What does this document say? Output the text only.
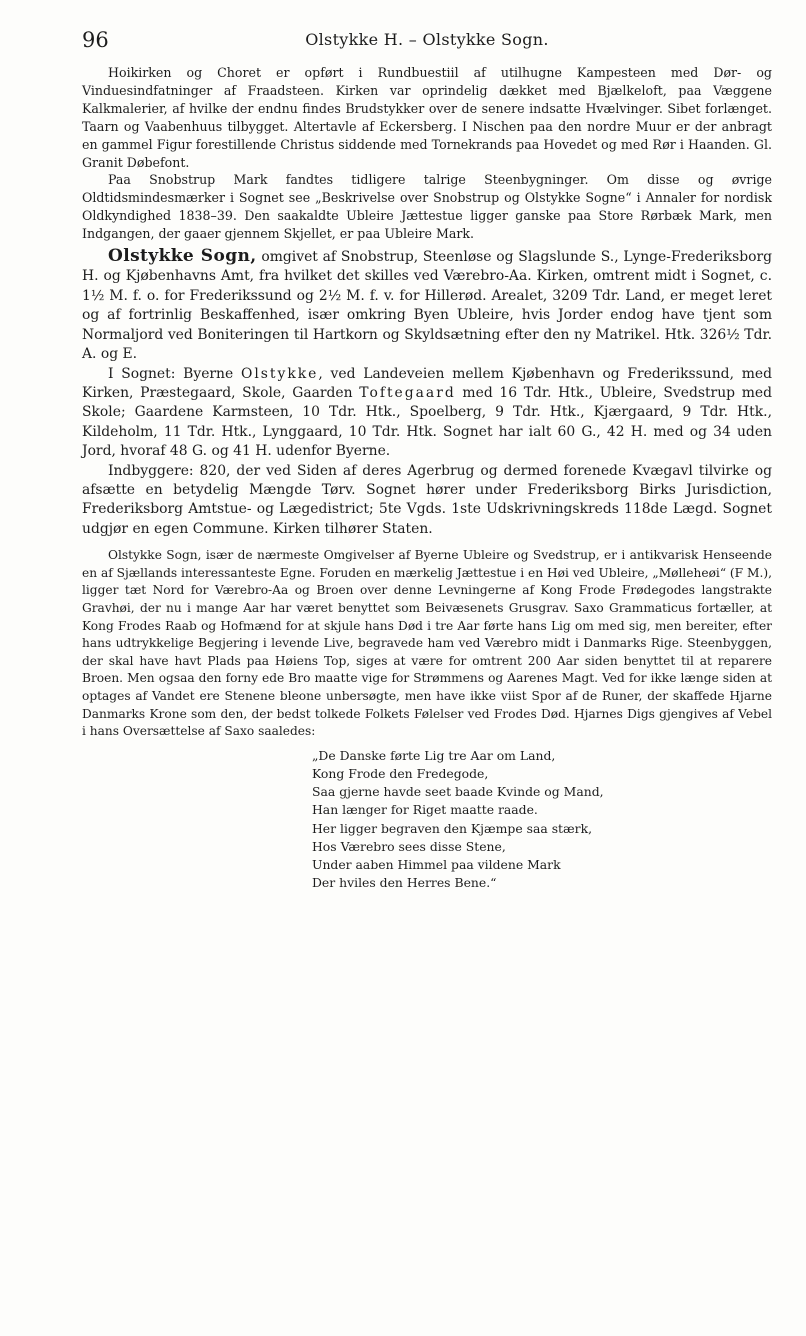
96	Olstykke H. – Olstykke Sogn.

Hoikirken og Choret er opført i Rundbuestiil af utilhugne Kampesteen med Dør- og Vinduesindfatninger af Fraadsteen. Kirken var oprindelig dækket med Bjælkeloft, paa Væggene Kalkmalerier, af hvilke der endnu findes Brudstykker over de senere indsatte Hvælvinger. Sibet forlænget. Taarn og Vaabenhuus tilbygget. Altertavle af Eckersberg. I Nischen paa den nordre Muur er der anbragt en gammel Figur forestillende Christus siddende med Tornekrands paa Hovedet og med Rør i Haanden. Gl. Granit Døbefont.

Paa Snobstrup Mark fandtes tidligere talrige Steenbygninger. Om disse og øvrige Oldtidsmindesmærker i Sognet see „Beskrivelse over Snobstrup og Olstykke Sogne“ i Annaler for nordisk Oldkyndighed 1838–39. Den saakaldte Ubleire Jættestue ligger ganske paa Store Rørbæk Mark, men Indgangen, der gaaer gjennem Skjellet, er paa Ubleire Mark.

Olstykke Sogn, omgivet af Snobstrup, Steenløse og Slagslunde S., Lynge-Frederiksborg H. og Kjøbenhavns Amt, fra hvilket det skilles ved Værebro-Aa. Kirken, omtrent midt i Sognet, c. 1½ M. f. o. for Frederikssund og 2½ M. f. v. for Hillerød. Arealet, 3209 Tdr. Land, er meget leret og af fortrinlig Beskaffenhed, især omkring Byen Ubleire, hvis Jorder endog have tjent som Normaljord ved Boniteringen til Hartkorn og Skyldsætning efter den ny Matrikel. Htk. 326½ Tdr. A. og E.

I Sognet: Byerne Olstykke, ved Landeveien mellem Kjøbenhavn og Frederikssund, med Kirken, Præstegaard, Skole, Gaarden Toftegaard med 16 Tdr. Htk., Ubleire, Svedstrup med Skole; Gaardene Karmsteen, 10 Tdr. Htk., Spoelberg, 9 Tdr. Htk., Kjærgaard, 9 Tdr. Htk., Kildeholm, 11 Tdr. Htk., Lynggaard, 10 Tdr. Htk. Sognet har ialt 60 G., 42 H. med og 34 uden Jord, hvoraf 48 G. og 41 H. udenfor Byerne.

Indbyggere: 820, der ved Siden af deres Agerbrug og dermed forenede Kvægavl tilvirke og afsætte en betydelig Mængde Tørv. Sognet hører under Frederiksborg Birks Jurisdiction, Frederiksborg Amtstue- og Lægedistrict; 5te Vgds. 1ste Udskrivningskreds 118de Lægd. Sognet udgjør en egen Commune. Kirken tilhører Staten.

Olstykke Sogn, især de nærmeste Omgivelser af Byerne Ubleire og Svedstrup, er i antikvarisk Henseende en af Sjællands interessanteste Egne. Foruden en mærkelig Jættestue i en Høi ved Ubleire, „Mølleheøi“ (F M.), ligger tæt Nord for Værebro-Aa og Broen over denne Levningerne af Kong Frode Frødegodes langstrakte Gravhøi, der nu i mange Aar har været benyttet som Beivæsenets Grusgrav. Saxo Grammaticus fortæller, at Kong Frodes Raab og Hofmænd for at skjule hans Død i tre Aar førte hans Lig om med sig, men bereiter, efter hans udtrykkelige Begjering i levende Live, begravede ham ved Værebro midt i Danmarks Rige. Steenbyggen, der skal have havt Plads paa Høiens Top, siges at være for omtrent 200 Aar siden benyttet til at reparere Broen. Men ogsaa den forny ede Bro maatte vige for Strømmens og Aarenes Magt. Ved for ikke længe siden at optages af Vandet ere Stenene bleone unbersøgte, men have ikke viist Spor af de Runer, der skaffede Hjarne Danmarks Krone som den, der bedst tolkede Folkets Følelser ved Frodes Død. Hjarnes Digs gjengives af Vebel i hans Oversættelse af Saxo saaledes:

„De Danske førte Lig tre Aar om Land,
Kong Frode den Fredegode,
Saa gjerne havde seet baade Kvinde og Mand,
Han længer for Riget maatte raade.
Her ligger begraven den Kjæmpe saa stærk,
Hos Værebro sees disse Stene,
Under aaben Himmel paa vildene Mark
Der hviles den Herres Bene.“
